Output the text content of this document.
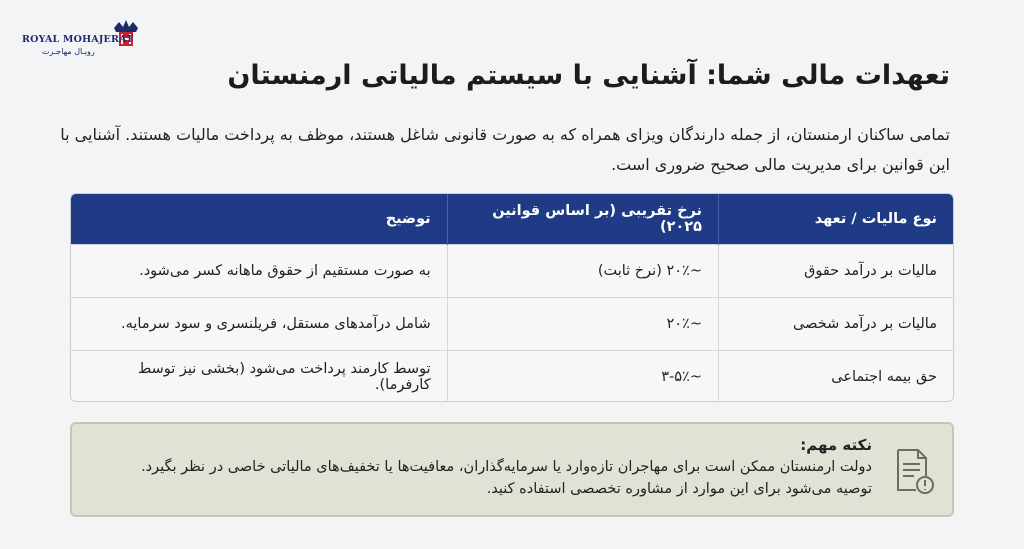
ROYAL MOHAJERAT
رویـال مهاجـرت
تعهدات مالی شما: آشنایی با سیستم مالیاتی ارمنستان
تمامی ساکنان ارمنستان، از جمله دارندگان ویزای همراه که به صورت قانونی شاغل هستند، موظف به پرداخت مالیات هستند. آشنایی با این قوانین برای مدیریت مالی صحیح ضروری است.
نوع مالیات / تعهد	نرخ تقریبی (بر اساس قوانین ۲۰۲۵)	توضیح
مالیات بر درآمد حقوق	~۲۰٪ (نرخ ثابت)	به صورت مستقیم از حقوق ماهانه کسر می‌شود.
مالیات بر درآمد شخصی	~۲۰٪	شامل درآمدهای مستقل، فریلنسری و سود سرمایه.
حق بیمه اجتماعی	~۳-۵٪	توسط کارمند پرداخت می‌شود (بخشی نیز توسط کارفرما).
نکته مهم:
دولت ارمنستان ممکن است برای مهاجران تازه‌وارد یا سرمایه‌گذاران، معافیت‌ها یا تخفیف‌های مالیاتی خاصی در نظر بگیرد.
توصیه می‌شود برای این موارد از مشاوره تخصصی استفاده کنید.
